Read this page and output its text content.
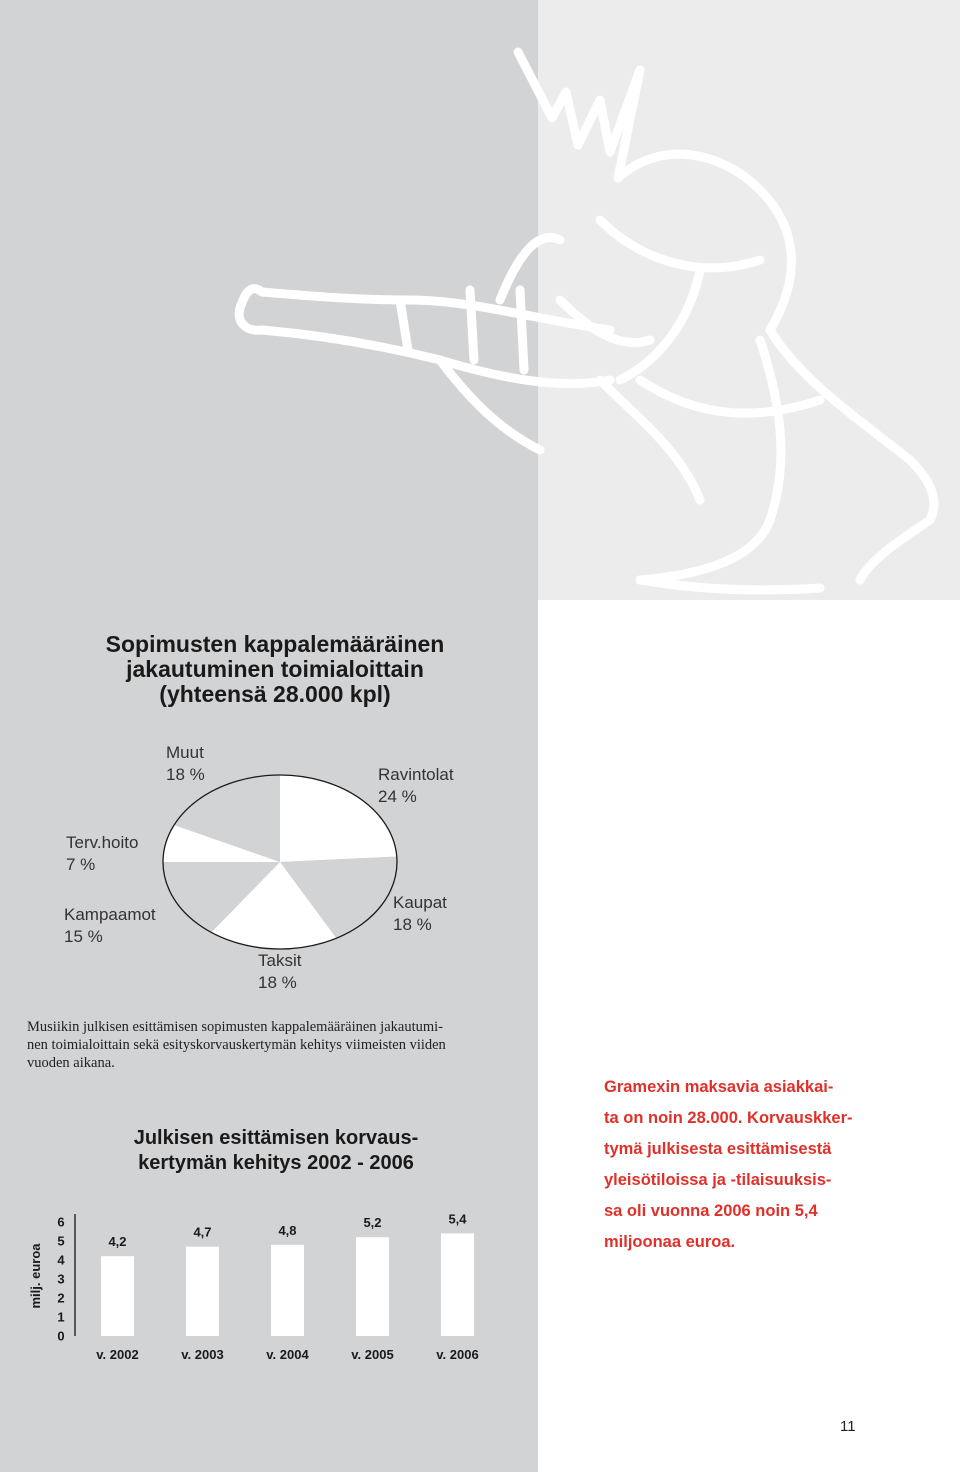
Sopimusten kappalemääräinen
jakautuminen toimialoittain
(yhteensä 28.000 kpl)
Muut
18 %	Ravintolat
24 %
Terv.hoito
7 %
Kampaamot
15 %
Kaupat
18 %
Taksit
18 %
Musiikin julkisen esittämisen sopimusten kappalemääräinen jakautumi-
nen toimialoittain sekä esityskorvauskertymän kehitys viimeisten viiden
vuoden aikana.
Julkisen esittämisen korvaus-
kertymän kehitys 2002 - 2006
milj. euroa
0
1
2
3
4
5
6
4,2
v. 2002
4,7
v. 2003
4,8
v. 2004
5,2
v. 2005
5,4
v. 2006
Gramexin maksavia asiakkai-
ta on noin 28.000. Korvauskker-
tymä julkisesta esittämisestä
yleisötiloissa ja -tilaisuuksis-
sa oli vuonna 2006 noin 5,4
miljoonaa euroa.
11
